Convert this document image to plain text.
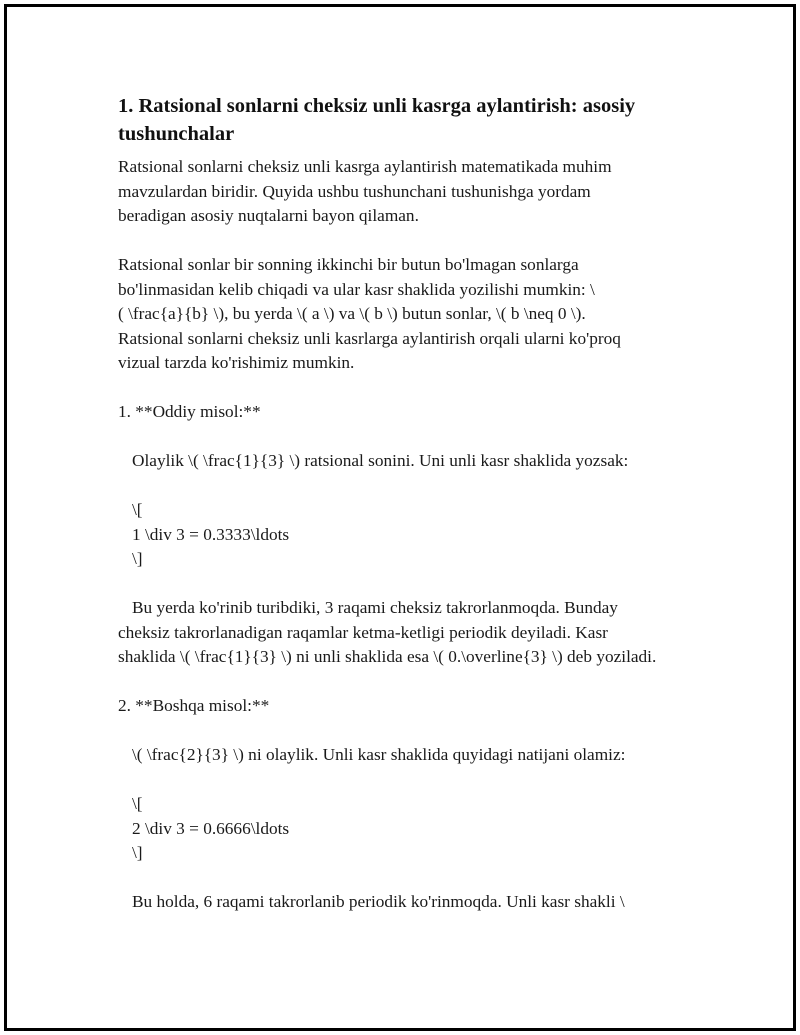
1. Ratsional sonlarni cheksiz unli kasrga aylantirish: asosiy tushunchalar

Ratsional sonlarni cheksiz unli kasrga aylantirish matematikada muhim mavzulardan biridir. Quyida ushbu tushunchani tushunishga yordam beradigan asosiy nuqtalarni bayon qilaman.

Ratsional sonlar bir sonning ikkinchi bir butun bo'lmagan sonlarga

bo'linmasidan kelib chiqadi va ular kasr shaklida yozilishi mumkin: \

( \frac{a}{b} \), bu yerda \( a \) va \( b \) butun sonlar, \( b \neq 0 \).

Ratsional sonlarni cheksiz unli kasrlarga aylantirish orqali ularni ko'proq

vizual tarzda ko'rishimiz mumkin.

1. **Oddiy misol:**

Olaylik \( \frac{1}{3} \) ratsional sonini. Uni unli kasr shaklida yozsak:

\[

1 \div 3 = 0.3333\ldots

\]

Bu yerda ko'rinib turibdiki, 3 raqami cheksiz takrorlanmoqda. Bunday cheksiz takrorlanadigan raqamlar ketma-ketligi periodik deyiladi. Kasr shaklida \( \frac{1}{3} \) ni unli shaklida esa \( 0.\overline{3} \) deb yoziladi.

2. **Boshqa misol:**

\( \frac{2}{3} \) ni olaylik. Unli kasr shaklida quyidagi natijani olamiz:

\[

2 \div 3 = 0.6666\ldots

\]

Bu holda, 6 raqami takrorlanib periodik ko'rinmoqda. Unli kasr shakli \
